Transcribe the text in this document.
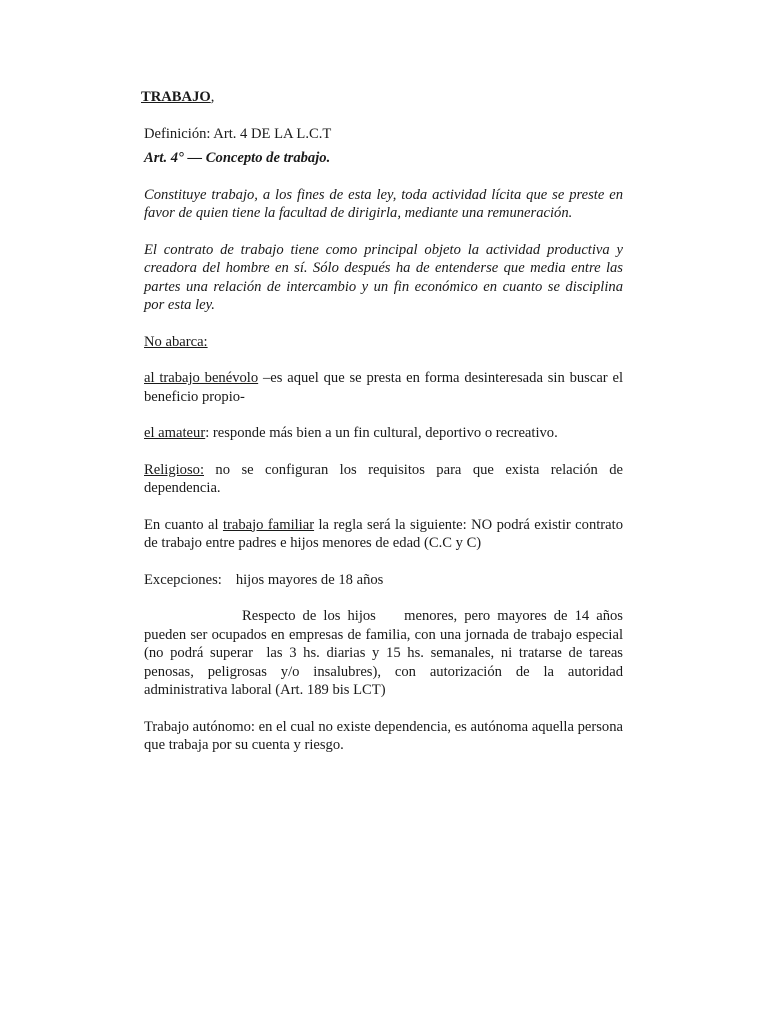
TRABAJO,

Definición: Art. 4 DE LA L.C.T

Art. 4° — Concepto de trabajo.

Constituye trabajo, a los fines de esta ley, toda actividad lícita que se preste en favor de quien tiene la facultad de dirigirla, mediante una remuneración.

El contrato de trabajo tiene como principal objeto la actividad productiva y creadora del hombre en sí. Sólo después ha de entenderse que media entre las partes una relación de intercambio y un fin económico en cuanto se disciplina por esta ley.

No abarca:

al trabajo benévolo –es aquel que se presta en forma desinteresada sin buscar el beneficio propio-

el amateur: responde más bien a un fin cultural, deportivo o recreativo.

Religioso: no se configuran los requisitos para que exista relación de dependencia.

En cuanto al trabajo familiar la regla será la siguiente: NO podrá existir contrato de trabajo entre padres e hijos menores de edad (C.C y C)

Excepciones: hijos mayores de 18 años

Respecto de los hijos    menores, pero mayores de 14 años pueden ser ocupados en empresas de familia, con una jornada de trabajo especial (no podrá superar  las 3 hs. diarias y 15 hs. semanales, ni tratarse de tareas penosas, peligrosas y/o insalubres), con autorización de la autoridad administrativa laboral (Art. 189 bis LCT)

Trabajo autónomo: en el cual no existe dependencia, es autónoma aquella persona que trabaja por su cuenta y riesgo.
